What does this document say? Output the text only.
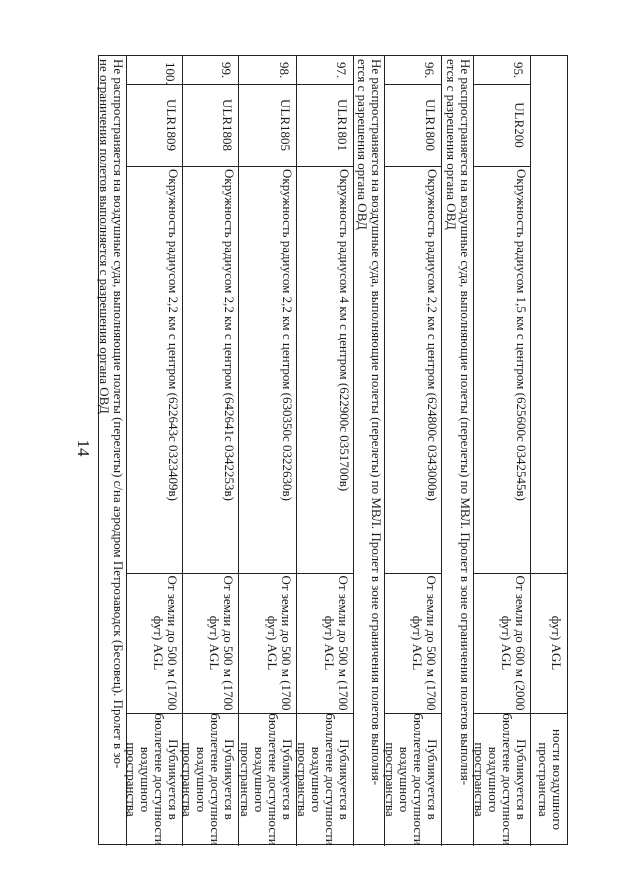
14
фут) AGL
ности воздушного пространства
95.
ULR200
Окружность радиусом 1,5 км с центром (625600с 0342545в)
От земли до 600 м (2000 фут) AGL
Публикуется в бюллетене доступности воздушного пространства
Не распространяется на воздушные суда, выполняющие полеты (перелеты) по МВЛ. Пролет в зоне ограничения полетов выполня-
ется с разрешения органа ОВД
96.
ULR1800
Окружность радиусом 2,2 км с центром (624800с 0343000в)
От земли до 500 м (1700 фут) AGL
Публикуется в бюллетене доступности воздушного пространства
Не распространяется на воздушные суда, выполняющие полеты (перелеты) по МВЛ. Пролет в зоне ограничения полетов выполня-
ется с разрешения органа ОВД
97.
ULR1801
Окружность радиусом 4 км с центром (622900с 0351700в)
От земли до 500 м (1700 фут) AGL
Публикуется в бюллетене доступности воздушного пространства
98.
ULR1805
Окружность радиусом 2,2 км с центром (630350с 0322630в)
От земли до 500 м (1700 фут) AGL
Публикуется в бюллетене доступности воздушного пространства
99.
ULR1808
Окружность радиусом 2,2 км с центром (642641с 0342253в)
От земли до 500 м (1700 фут) AGL
Публикуется в бюллетене доступности воздушного пространства
100.
ULR1809
Окружность радиусом 2,2 км с центром (622643с 0323409в)
От земли до 500 м (1700 фут) AGL
Публикуется в бюллетене доступности воздушного пространства
Не распространяется на воздушные суда, выполняющие полеты (перелеты) с/на аэродром Петрозаводск (Бесовец). Пролет в зо-
не ограничения полетов выполняется с разрешения органа ОВД
